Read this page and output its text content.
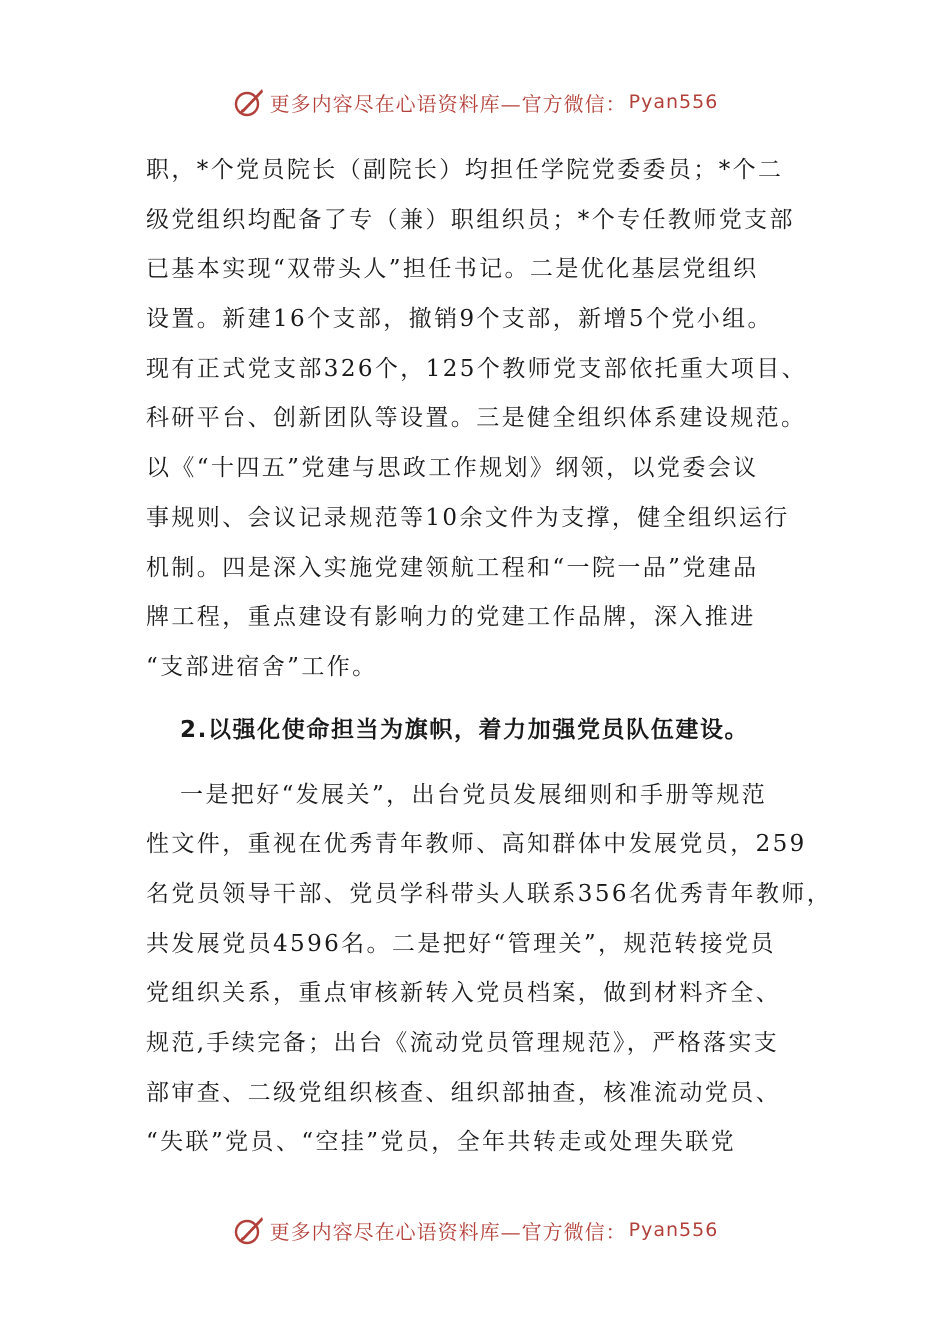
更多内容尽在心语资料库—官方微信： Pyan556
职，*个党员院长（副院长）均担任学院党委委员；*个二
级党组织均配备了专（兼）职组织员；*个专任教师党支部
已基本实现“双带头人”担任书记。二是优化基层党组织
设置。新建16个支部，撤销9个支部，新增5个党小组。
现有正式党支部326个，125个教师党支部依托重大项目、
科研平台、创新团队等设置。三是健全组织体系建设规范。
以《“十四五”党建与思政工作规划》纲领，以党委会议
事规则、会议记录规范等10余文件为支撑，健全组织运行
机制。四是深入实施党建领航工程和“一院一品”党建品
牌工程，重点建设有影响力的党建工作品牌，深入推进
“支部进宿舍”工作。
2.以强化使命担当为旗帜，着力加强党员队伍建设。
一是把好“发展关”，出台党员发展细则和手册等规范
性文件，重视在优秀青年教师、高知群体中发展党员，259
名党员领导干部、党员学科带头人联系356名优秀青年教师，
共发展党员4596名。二是把好“管理关”，规范转接党员
党组织关系，重点审核新转入党员档案，做到材料齐全、
规范,手续完备；出台《流动党员管理规范》，严格落实支
部审查、二级党组织核查、组织部抽查，核准流动党员、
“失联”党员、“空挂”党员，全年共转走或处理失联党
更多内容尽在心语资料库—官方微信： Pyan556
